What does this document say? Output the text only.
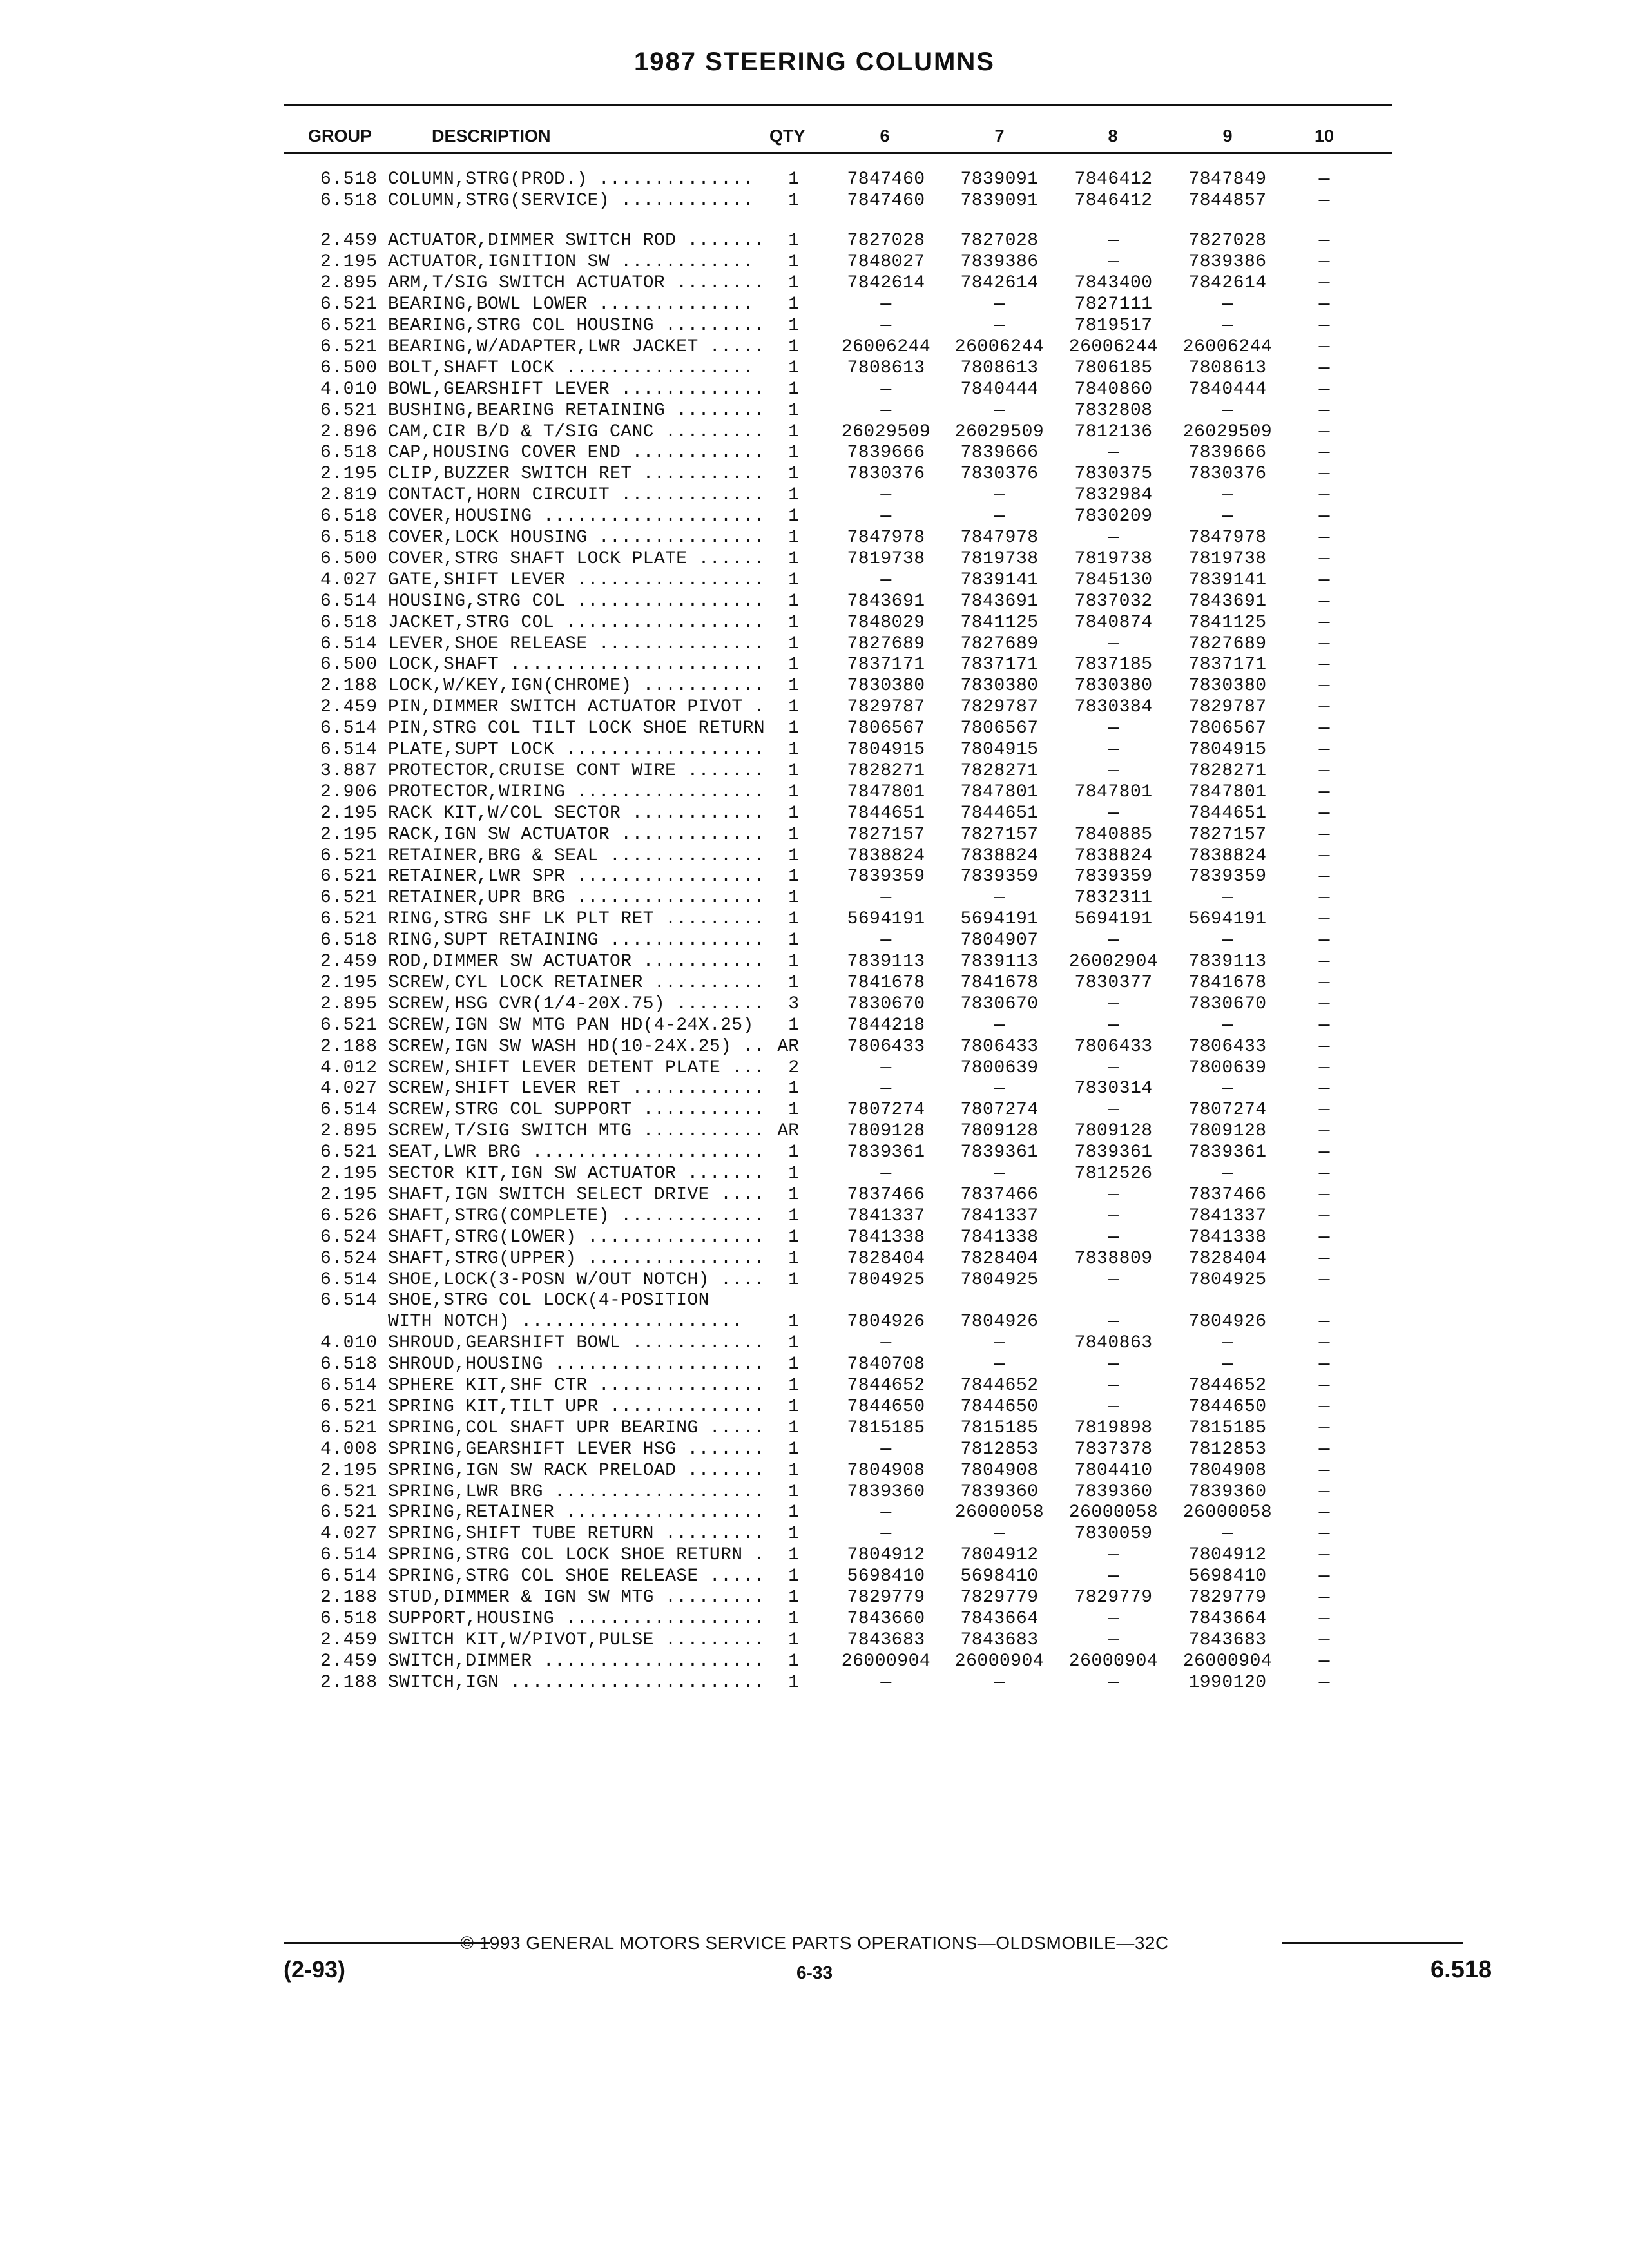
1987 STEERING COLUMNS
GROUP	DESCRIPTION	QTY	6	7	8	9	10
6.518 COLUMN,STRG(PROD.) ..............	1	7847460	7839091	7846412	7847849	—
6.518 COLUMN,STRG(SERVICE) ............	1	7847460	7839091	7846412	7844857	—
2.459 ACTUATOR,DIMMER SWITCH ROD .......	1	7827028	7827028	—	7827028	—
2.195 ACTUATOR,IGNITION SW ............	1	7848027	7839386	—	7839386	—
2.895 ARM,T/SIG SWITCH ACTUATOR ........	1	7842614	7842614	7843400	7842614	—
6.521 BEARING,BOWL LOWER ..............	1	—	—	7827111	—	—
6.521 BEARING,STRG COL HOUSING .........	1	—	—	7819517	—	—
6.521 BEARING,W/ADAPTER,LWR JACKET .....	1	26006244	26006244	26006244	26006244	—
6.500 BOLT,SHAFT LOCK .................	1	7808613	7808613	7806185	7808613	—
4.010 BOWL,GEARSHIFT LEVER .............	1	—	7840444	7840860	7840444	—
6.521 BUSHING,BEARING RETAINING ........	1	—	—	7832808	—	—
2.896 CAM,CIR B/D & T/SIG CANC .........	1	26029509	26029509	7812136	26029509	—
6.518 CAP,HOUSING COVER END ............	1	7839666	7839666	—	7839666	—
2.195 CLIP,BUZZER SWITCH RET ...........	1	7830376	7830376	7830375	7830376	—
2.819 CONTACT,HORN CIRCUIT .............	1	—	—	7832984	—	—
6.518 COVER,HOUSING ....................	1	—	—	7830209	—	—
6.518 COVER,LOCK HOUSING ...............	1	7847978	7847978	—	7847978	—
6.500 COVER,STRG SHAFT LOCK PLATE ......	1	7819738	7819738	7819738	7819738	—
4.027 GATE,SHIFT LEVER .................	1	—	7839141	7845130	7839141	—
6.514 HOUSING,STRG COL .................	1	7843691	7843691	7837032	7843691	—
6.518 JACKET,STRG COL ..................	1	7848029	7841125	7840874	7841125	—
6.514 LEVER,SHOE RELEASE ...............	1	7827689	7827689	—	7827689	—
6.500 LOCK,SHAFT .......................	1	7837171	7837171	7837185	7837171	—
2.188 LOCK,W/KEY,IGN(CHROME) ...........	1	7830380	7830380	7830380	7830380	—
2.459 PIN,DIMMER SWITCH ACTUATOR PIVOT .	1	7829787	7829787	7830384	7829787	—
6.514 PIN,STRG COL TILT LOCK SHOE RETURN	1	7806567	7806567	—	7806567	—
6.514 PLATE,SUPT LOCK ..................	1	7804915	7804915	—	7804915	—
3.887 PROTECTOR,CRUISE CONT WIRE .......	1	7828271	7828271	—	7828271	—
2.906 PROTECTOR,WIRING .................	1	7847801	7847801	7847801	7847801	—
2.195 RACK KIT,W/COL SECTOR ............	1	7844651	7844651	—	7844651	—
2.195 RACK,IGN SW ACTUATOR .............	1	7827157	7827157	7840885	7827157	—
6.521 RETAINER,BRG & SEAL ..............	1	7838824	7838824	7838824	7838824	—
6.521 RETAINER,LWR SPR .................	1	7839359	7839359	7839359	7839359	—
6.521 RETAINER,UPR BRG .................	1	—	—	7832311	—	—
6.521 RING,STRG SHF LK PLT RET .........	1	5694191	5694191	5694191	5694191	—
6.518 RING,SUPT RETAINING ..............	1	—	7804907	—	—	—
2.459 ROD,DIMMER SW ACTUATOR ...........	1	7839113	7839113	26002904	7839113	—
2.195 SCREW,CYL LOCK RETAINER ..........	1	7841678	7841678	7830377	7841678	—
2.895 SCREW,HSG CVR(1/4-20X.75) ........	3	7830670	7830670	—	7830670	—
6.521 SCREW,IGN SW MTG PAN HD(4-24X.25)	1	7844218	—	—	—	—
2.188 SCREW,IGN SW WASH HD(10-24X.25) .. AR	7806433	7806433	7806433	7806433	—
4.012 SCREW,SHIFT LEVER DETENT PLATE ...	2	—	7800639	—	7800639	—
4.027 SCREW,SHIFT LEVER RET ............	1	—	—	7830314	—	—
6.514 SCREW,STRG COL SUPPORT ...........	1	7807274	7807274	—	7807274	—
2.895 SCREW,T/SIG SWITCH MTG ........... AR	7809128	7809128	7809128	7809128	—
6.521 SEAT,LWR BRG .....................	1	7839361	7839361	7839361	7839361	—
2.195 SECTOR KIT,IGN SW ACTUATOR .......	1	—	—	7812526	—	—
2.195 SHAFT,IGN SWITCH SELECT DRIVE ....	1	7837466	7837466	—	7837466	—
6.526 SHAFT,STRG(COMPLETE) .............	1	7841337	7841337	—	7841337	—
6.524 SHAFT,STRG(LOWER) ................	1	7841338	7841338	—	7841338	—
6.524 SHAFT,STRG(UPPER) ................	1	7828404	7828404	7838809	7828404	—
6.514 SHOE,LOCK(3-POSN W/OUT NOTCH) ....	1	7804925	7804925	—	7804925	—
6.514 SHOE,STRG COL LOCK(4-POSITION
WITH NOTCH) ....................	1	7804926	7804926	—	7804926	—
4.010 SHROUD,GEARSHIFT BOWL ............	1	—	—	7840863	—	—
6.518 SHROUD,HOUSING ...................	1	7840708	—	—	—	—
6.514 SPHERE KIT,SHF CTR ...............	1	7844652	7844652	—	7844652	—
6.521 SPRING KIT,TILT UPR ..............	1	7844650	7844650	—	7844650	—
6.521 SPRING,COL SHAFT UPR BEARING .....	1	7815185	7815185	7819898	7815185	—
4.008 SPRING,GEARSHIFT LEVER HSG .......	1	—	7812853	7837378	7812853	—
2.195 SPRING,IGN SW RACK PRELOAD .......	1	7804908	7804908	7804410	7804908	—
6.521 SPRING,LWR BRG ...................	1	7839360	7839360	7839360	7839360	—
6.521 SPRING,RETAINER ..................	1	—	26000058	26000058	26000058	—
4.027 SPRING,SHIFT TUBE RETURN .........	1	—	—	7830059	—	—
6.514 SPRING,STRG COL LOCK SHOE RETURN .	1	7804912	7804912	—	7804912	—
6.514 SPRING,STRG COL SHOE RELEASE .....	1	5698410	5698410	—	5698410	—
2.188 STUD,DIMMER & IGN SW MTG .........	1	7829779	7829779	7829779	7829779	—
6.518 SUPPORT,HOUSING ..................	1	7843660	7843664	—	7843664	—
2.459 SWITCH KIT,W/PIVOT,PULSE .........	1	7843683	7843683	—	7843683	—
2.459 SWITCH,DIMMER ....................	1	26000904	26000904	26000904	26000904	—
2.188 SWITCH,IGN .......................	1	—	—	—	1990120	—
© 1993 GENERAL MOTORS SERVICE PARTS OPERATIONS—OLDSMOBILE—32C
(2-93)	6-33	6.518
